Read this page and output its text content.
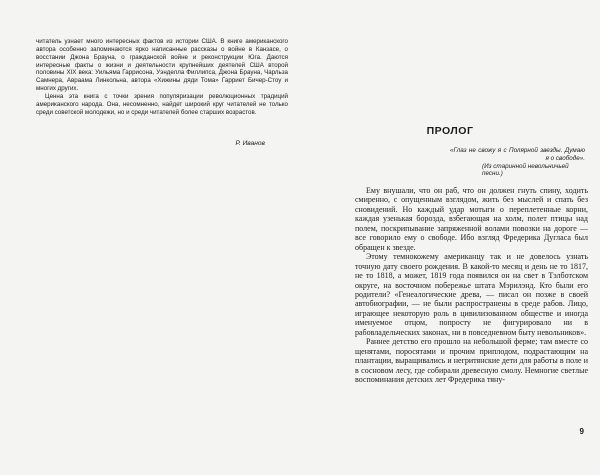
читатель узнает много интересных фактов из истории США. В книге американского автора особенно запоминаются ярко написанные рассказы о войне в Канзасе, о восстании Джона Брауна, о гражданской войне и реконструкции Юга. Даются интересные факты о жизни и деятельности крупнейших деятелей США второй половины XIX века: Уильяма Гаррисона, Уэнделла Филлипса, Джона Брауна, Чарльза Самнера, Авраама Линкольна, автора «Хижины дяди Тома» Гарриет Бичер-Стоу и многих других.

Ценна эта книга с точки зрения популяризации революционных традиций американского народа. Она, несомненно, найдет широкий круг читателей не только среди советской молодежи, но и среди читателей более старших возрастов.

Р. Иванов
ПРОЛОГ
«Глаз не свожу я с Полярной звезды. Думаю я о свободе».
(Из старинной невольничьей песни.)

Ему внушали, что он раб, что он должен гнуть спину, ходить смиренно, с опущенным взглядом, жить без мыслей и спать без сновидений. Но каждый удар мотыги о переплетенные корни, каждая узенькая борозда, взбегающая на холм, полет птицы над полем, поскрипывание запряженной волами повозки на дороге — все говорило ему о свободе. Ибо взгляд Фредерика Дугласа был обращен к звезде.

Этому темнокожему американцу так и не довелось узнать точную дату своего рождения. В какой-то месяц и день не то 1817, не то 1818, а может, 1819 года появился он на свет в Тэлботском округе, на восточном побережье штата Мэрилэнд. Кто были его родители? «Генеалогические древа, — писал он позже в своей автобиографии, — не были распространены в среде рабов. Лицо, играющее некоторую роль в цивилизованном обществе и иногда именуемое отцом, попросту не фигурировало ни в рабовладельческих законах, ни в повседневном быту невольников».

Раннее детство его прошло на небольшой ферме; там вместе со щенятами, поросятами и прочим приплодом, подрастающим на плантации, выращивались и негритянские дети для работы в поле и в сосновом лесу, где собирали древесную смолу. Немногие светлые воспоминания детских лет Фредерика тяну-

9
